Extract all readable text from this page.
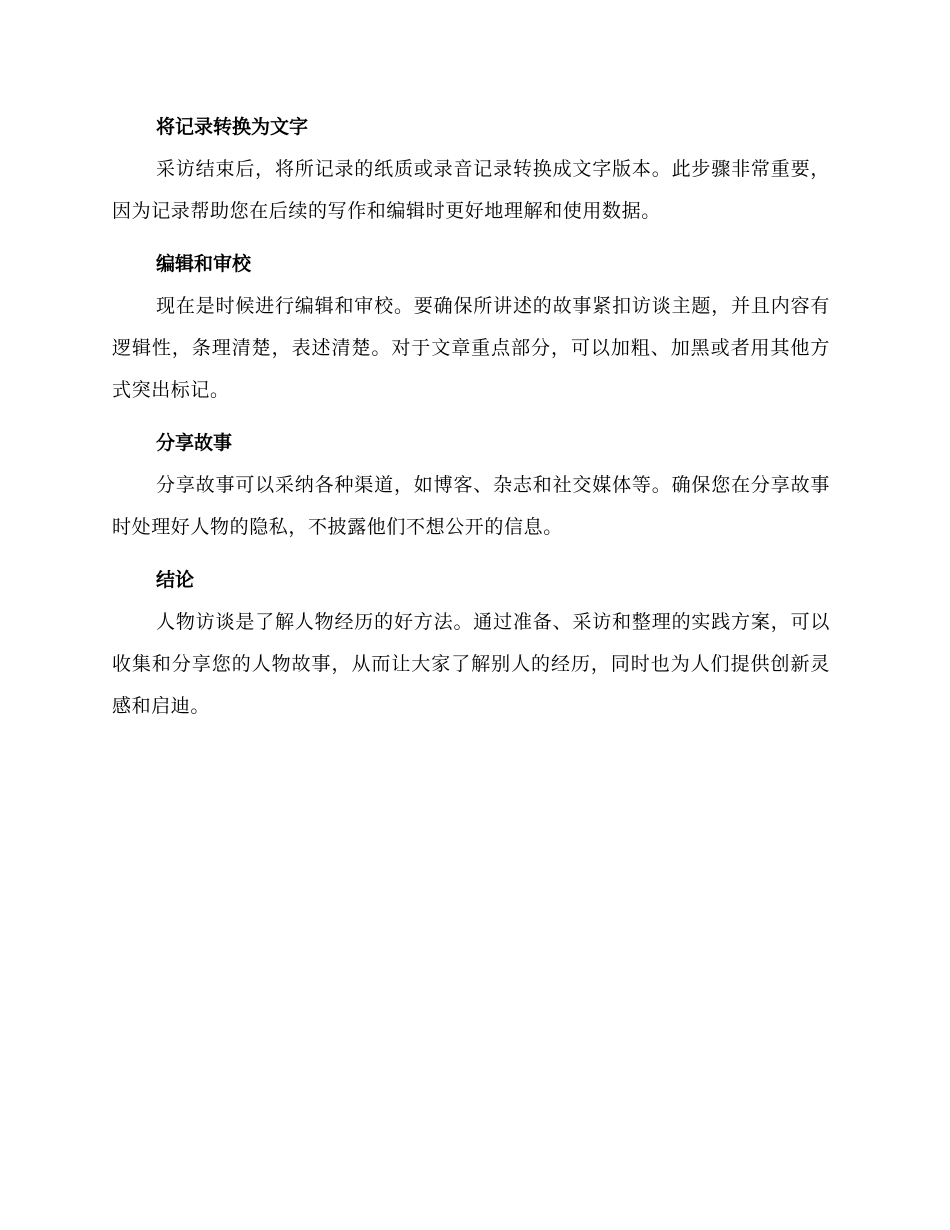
将记录转换为文字

采访结束后，将所记录的纸质或录音记录转换成文字版本。此步骤非常重要，因为记录帮助您在后续的写作和编辑时更好地理解和使用数据。

编辑和审校

现在是时候进行编辑和审校。要确保所讲述的故事紧扣访谈主题，并且内容有逻辑性，条理清楚，表述清楚。对于文章重点部分，可以加粗、加黑或者用其他方式突出标记。

分享故事

分享故事可以采纳各种渠道，如博客、杂志和社交媒体等。确保您在分享故事时处理好人物的隐私，不披露他们不想公开的信息。

结论

人物访谈是了解人物经历的好方法。通过准备、采访和整理的实践方案，可以收集和分享您的人物故事，从而让大家了解别人的经历，同时也为人们提供创新灵感和启迪。
